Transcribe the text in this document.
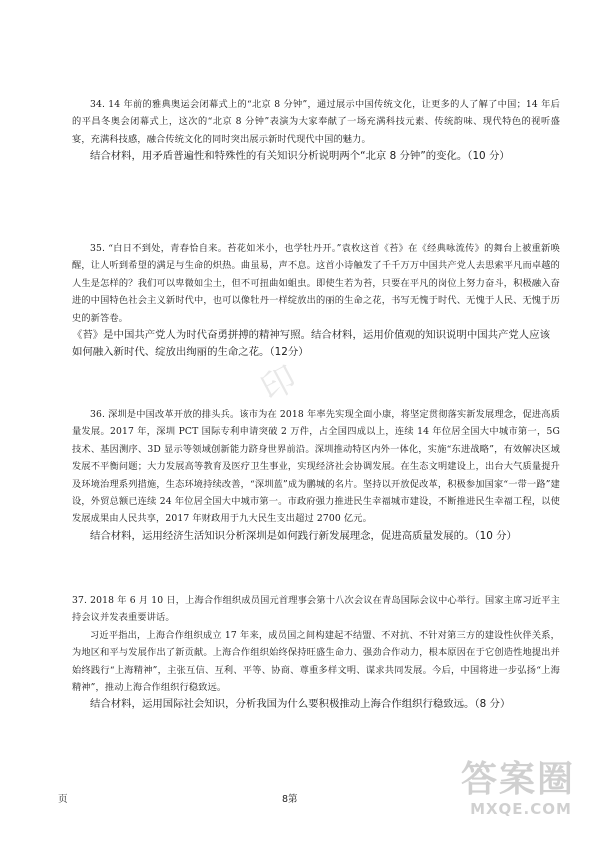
印

34. 14 年前的雅典奥运会闭幕式上的“北京 8 分钟”，通过展示中国传统文化，让更多的人了解了中国；14 年后的平昌冬奥会闭幕式上，这次的“北京 8 分钟”表演为大家奉献了一场充满科技元素、传统韵味、现代特色的视听盛宴，充满科技感，融合传统文化的同时突出展示新时代现代中国的魅力。

结合材料，用矛盾普遍性和特殊性的有关知识分析说明两个“北京 8 分钟”的变化。（10 分）

35. “白日不到处，青春恰自来。苔花如米小，也学牡丹开。”袁枚这首《苔》在《经典咏流传》的舞台上被重新唤醒，让人听到希望的满足与生命的炽热。曲虽易，声不息。这首小诗触发了千千万万中国共产党人去思索平凡而卓越的人生是怎样的？我们可以卑微如尘土，但不可扭曲如蛆虫。即使生若为苔，只要在平凡的岗位上努力奋斗，积极融入奋进的中国特色社会主义新时代中，也可以像牡丹一样绽放出的丽的生命之花，书写无愧于时代、无愧于人民、无愧于历史的新答卷。

《苔》是中国共产党人为时代奋勇拼搏的精神写照。结合材料，运用价值观的知识说明中国共产党人应该如何融入新时代、绽放出绚丽的生命之花。（12分）

36. 深圳是中国改革开放的排头兵。该市为在 2018 年率先实现全面小康，将坚定贯彻落实新发展理念，促进高质量发展。2017 年，深圳 PCT 国际专利申请突破 2 万件，占全国四成以上，连续 14 年位居全国大中城市第一，5G 技术、基因测序、3D 显示等领域创新能力跻身世界前沿。深圳推动特区内外一体化，实施“东进战略”，有效解决区域发展不平衡问题；大力发展高等教育及医疗卫生事业，实现经济社会协调发展。在生态文明建设上，出台大气质量提升及环境治理系列措施，生态环境持续改善，“深圳蓝”成为鹏城的名片。坚持以开放促改革，积极参加国家“一带一路”建设，外贸总额已连续 24 年位居全国大中城市第一。市政府强力推进民生幸福城市建设，不断推进民生幸福工程，以使发展成果由人民共享，2017 年财政用于九大民生支出超过 2700 亿元。

结合材料，运用经济生活知识分析深圳是如何践行新发展理念，促进高质量发展的。（10 分）

37. 2018 年 6 月 10 日，上海合作组织成员国元首理事会第十八次会议在青岛国际会议中心举行。国家主席习近平主持会议并发表重要讲话。

习近平指出，上海合作组织成立 17 年来，成员国之间构建起不结盟、不对抗、不针对第三方的建设性伙伴关系，为地区和平与发展作出了新贡献。上海合作组织始终保持旺盛生命力、强劲合作动力，根本原因在于它创造性地提出并始终践行“上海精神”，主张互信、互利、平等、协商、尊重多样文明、谋求共同发展。今后，中国将进一步弘扬“上海精神”，推动上海合作组织行稳致远。

结合材料，运用国际社会知识，分析我国为什么要积极推动上海合作组织行稳致远。（8 分）

页	8第	答案圈
MXQE.COM
